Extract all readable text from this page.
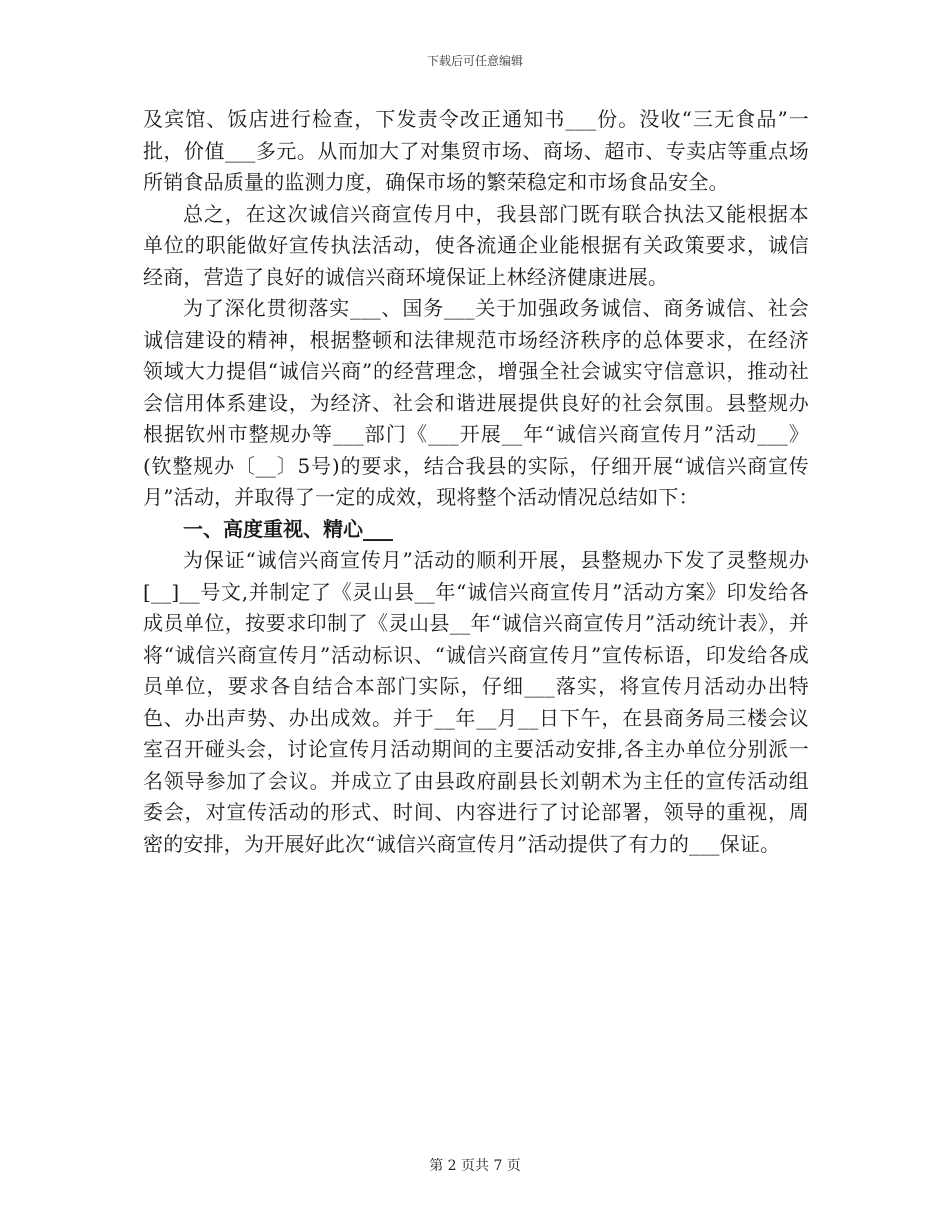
下载后可任意编辑

及宾馆、饭店进行检查，下发责令改正通知书___份。没收“三无食品”一批，价值___多元。从而加大了对集贸市场、商场、超市、专卖店等重点场所销食品质量的监测力度，确保市场的繁荣稳定和市场食品安全。

总之，在这次诚信兴商宣传月中，我县部门既有联合执法又能根据本单位的职能做好宣传执法活动，使各流通企业能根据有关政策要求，诚信经商，营造了良好的诚信兴商环境保证上林经济健康进展。

为了深化贯彻落实___、国务___关于加强政务诚信、商务诚信、社会诚信建设的精神，根据整顿和法律规范市场经济秩序的总体要求，在经济领域大力提倡“诚信兴商”的经营理念，增强全社会诚实守信意识，推动社会信用体系建设，为经济、社会和谐进展提供良好的社会氛围。县整规办根据钦州市整规办等___部门《___开展__年“诚信兴商宣传月”活动___》(钦整规办〔__〕5号)的要求，结合我县的实际，仔细开展“诚信兴商宣传月”活动，并取得了一定的成效，现将整个活动情况总结如下：

一、高度重视、精心___

为保证“诚信兴商宣传月”活动的顺利开展，县整规办下发了灵整规办[__]__号文,并制定了《灵山县__年“诚信兴商宣传月”活动方案》印发给各成员单位，按要求印制了《灵山县__年“诚信兴商宣传月”活动统计表》，并将“诚信兴商宣传月”活动标识、“诚信兴商宣传月”宣传标语，印发给各成员单位，要求各自结合本部门实际，仔细___落实，将宣传月活动办出特色、办出声势、办出成效。并于__年__月__日下午，在县商务局三楼会议室召开碰头会，讨论宣传月活动期间的主要活动安排,各主办单位分别派一名领导参加了会议。并成立了由县政府副县长刘朝术为主任的宣传活动组委会，对宣传活动的形式、时间、内容进行了讨论部署，领导的重视，周密的安排，为开展好此次“诚信兴商宣传月”活动提供了有力的___保证。

第 2 页共 7 页
